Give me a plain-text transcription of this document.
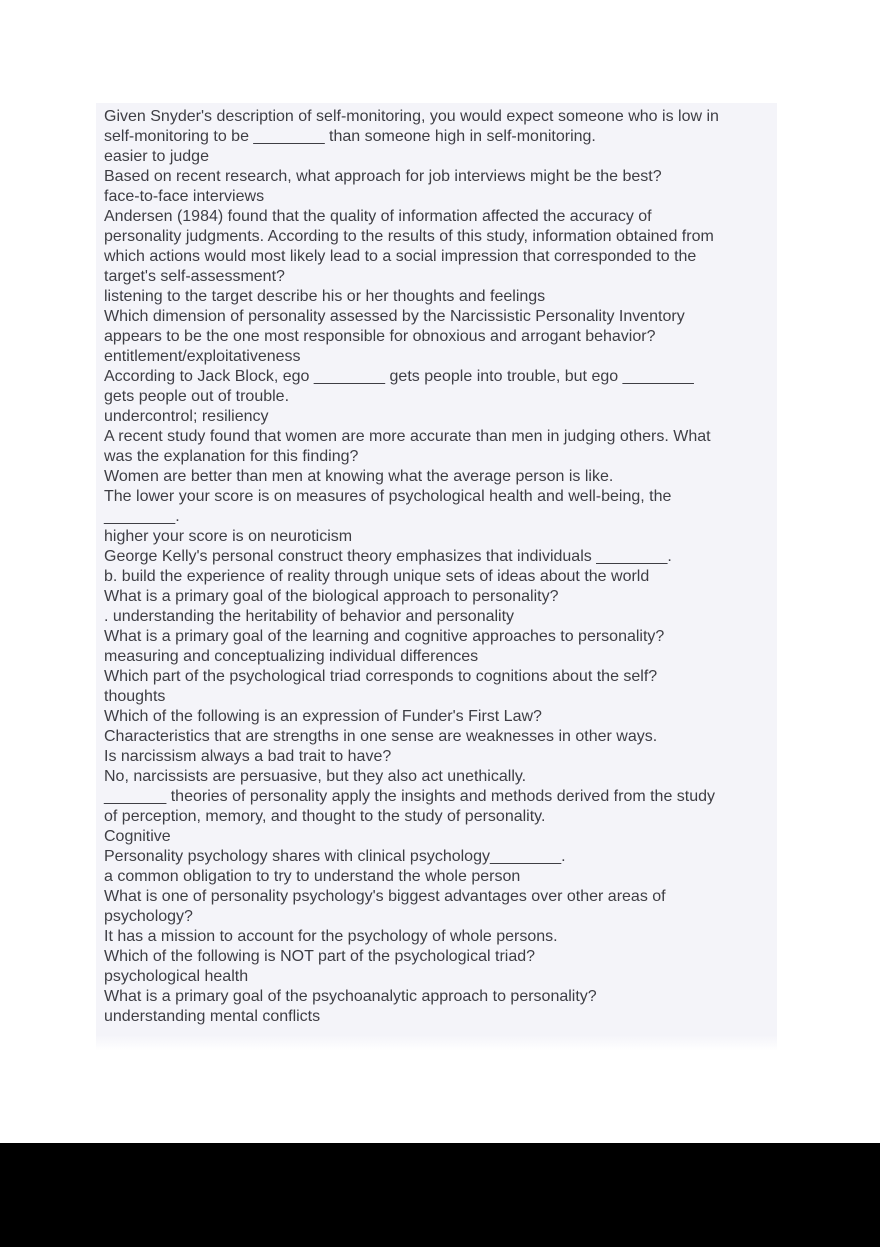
Given Snyder's description of self-monitoring, you would expect someone who is low in
self-monitoring to be ________ than someone high in self-monitoring.
easier to judge
Based on recent research, what approach for job interviews might be the best?
face-to-face interviews
Andersen (1984) found that the quality of information affected the accuracy of
personality judgments. According to the results of this study, information obtained from
which actions would most likely lead to a social impression that corresponded to the
target's self-assessment?
listening to the target describe his or her thoughts and feelings
Which dimension of personality assessed by the Narcissistic Personality Inventory
appears to be the one most responsible for obnoxious and arrogant behavior?
entitlement/exploitativeness
According to Jack Block, ego ________ gets people into trouble, but ego ________
gets people out of trouble.
undercontrol; resiliency
A recent study found that women are more accurate than men in judging others. What
was the explanation for this finding?
Women are better than men at knowing what the average person is like.
The lower your score is on measures of psychological health and well-being, the
________.
higher your score is on neuroticism
George Kelly's personal construct theory emphasizes that individuals ________.
b. build the experience of reality through unique sets of ideas about the world
What is a primary goal of the biological approach to personality?
. understanding the heritability of behavior and personality
What is a primary goal of the learning and cognitive approaches to personality?
measuring and conceptualizing individual differences
Which part of the psychological triad corresponds to cognitions about the self?
thoughts
Which of the following is an expression of Funder's First Law?
Characteristics that are strengths in one sense are weaknesses in other ways.
Is narcissism always a bad trait to have?
No, narcissists are persuasive, but they also act unethically.
_______ theories of personality apply the insights and methods derived from the study
of perception, memory, and thought to the study of personality.
Cognitive
Personality psychology shares with clinical psychology________.
a common obligation to try to understand the whole person
What is one of personality psychology's biggest advantages over other areas of
psychology?
It has a mission to account for the psychology of whole persons.
Which of the following is NOT part of the psychological triad?
psychological health
What is a primary goal of the psychoanalytic approach to personality?
understanding mental conflicts
